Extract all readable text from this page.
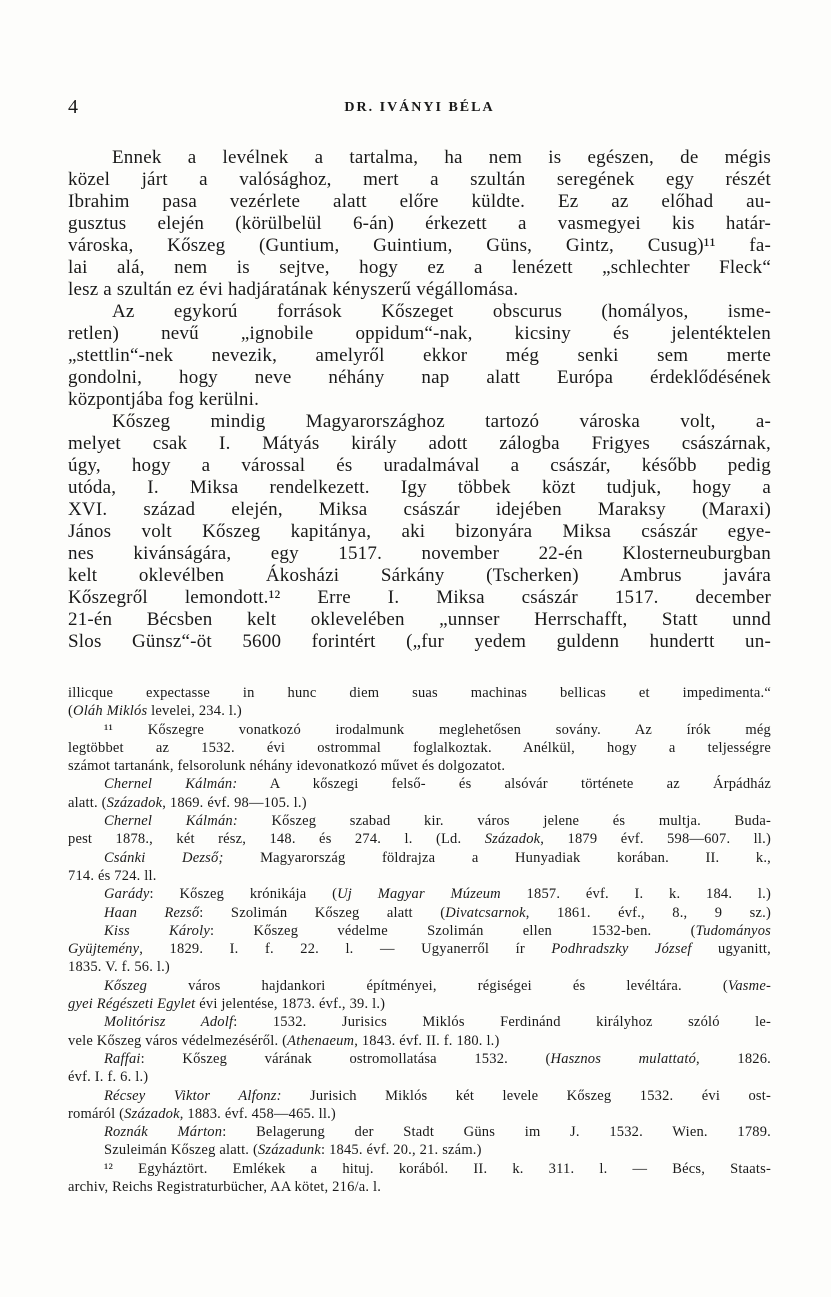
4	DR. IVÁNYI BÉLA
Ennek a levélnek a tartalma, ha nem is egészen, de mégis
közel járt a valósághoz, mert a szultán seregének egy részét
Ibrahim pasa vezérlete alatt előre küldte. Ez az előhad au-
gusztus elején (körülbelül 6-án) érkezett a vasmegyei kis határ-
városka, Kőszeg (Guntium, Guintium, Güns, Gintz, Cusug)¹¹ fa-
lai alá, nem is sejtve, hogy ez a lenézett „schlechter Fleck“
lesz a szultán ez évi hadjáratának kényszerű végállomása.
Az egykorú források Kőszeget obscurus (homályos, isme-
retlen) nevű „ignobile oppidum“-nak, kicsiny és jelentéktelen
„stettlin“-nek nevezik, amelyről ekkor még senki sem merte
gondolni, hogy neve néhány nap alatt Európa érdeklődésének
központjába fog kerülni.
Kőszeg mindig Magyarországhoz tartozó városka volt, a-
melyet csak I. Mátyás király adott zálogba Frigyes császárnak,
úgy, hogy a várossal és uradalmával a császár, később pedig
utóda, I. Miksa rendelkezett. Igy többek közt tudjuk, hogy a
XVI. század elején, Miksa császár idejében Maraksy (Maraxi)
János volt Kőszeg kapitánya, aki bizonyára Miksa császár egye-
nes kivánságára, egy 1517. november 22-én Klosterneuburgban
kelt oklevélben Ákosházi Sárkány (Tscherken) Ambrus javára
Kőszegről lemondott.¹² Erre I. Miksa császár 1517. december
21-én Bécsben kelt oklevelében „unnser Herrschafft, Statt unnd
Slos Günsz“-öt 5600 forintért („fur yedem guldenn hundertt un-
illicque expectasse in hunc diem suas machinas bellicas et impedimenta.“
(Oláh Miklós levelei, 234. l.)
¹¹ Kőszegre vonatkozó irodalmunk meglehetősen sovány. Az írók még
legtöbbet az 1532. évi ostrommal foglalkoztak. Anélkül, hogy a teljességre
számot tartanánk, felsorolunk néhány idevonatkozó művet és dolgozatot.
Chernel Kálmán: A kőszegi felső- és alsóvár története az Árpádház
alatt. (Századok, 1869. évf. 98—105. l.)
Chernel Kálmán: Kőszeg szabad kir. város jelene és multja. Buda-
pest 1878., két rész, 148. és 274. l. (Ld. Századok, 1879 évf. 598—607. ll.)
Csánki Dezső; Magyarország földrajza a Hunyadiak korában. II. k.,
714. és 724. ll.
Garády: Kőszeg krónikája (Uj Magyar Múzeum 1857. évf. I. k. 184. l.)
Haan Rezső: Szolimán Kőszeg alatt (Divatcsarnok, 1861. évf., 8., 9 sz.)
Kiss Károly: Kőszeg védelme Szolimán ellen 1532-ben. (Tudományos
Gyüjtemény, 1829. I. f. 22. l. — Ugyanerről ír Podhradszky József ugyanitt,
1835. V. f. 56. l.)
Kőszeg város hajdankori építményei, régiségei és levéltára. (Vasme-
gyei Régészeti Egylet évi jelentése, 1873. évf., 39. l.)
Molitórisz Adolf: 1532. Jurisics Miklós Ferdinánd királyhoz szóló le-
vele Kőszeg város védelmezéséről. (Athenaeum, 1843. évf. II. f. 180. l.)
Raffai: Kőszeg várának ostromollatása 1532. (Hasznos mulattató, 1826.
évf. I. f. 6. l.)
Récsey Viktor Alfonz: Jurisich Miklós két levele Kőszeg 1532. évi ost-
romáról (Századok, 1883. évf. 458—465. ll.)
Roznák Márton: Belagerung der Stadt Güns im J. 1532. Wien. 1789.
Szuleimán Kőszeg alatt. (Századunk: 1845. évf. 20., 21. szám.)
¹² Egyháztört. Emlékek a hituj. korából. II. k. 311. l. — Bécs, Staats-
archiv, Reichs Registraturbücher, AA kötet, 216/a. l.
